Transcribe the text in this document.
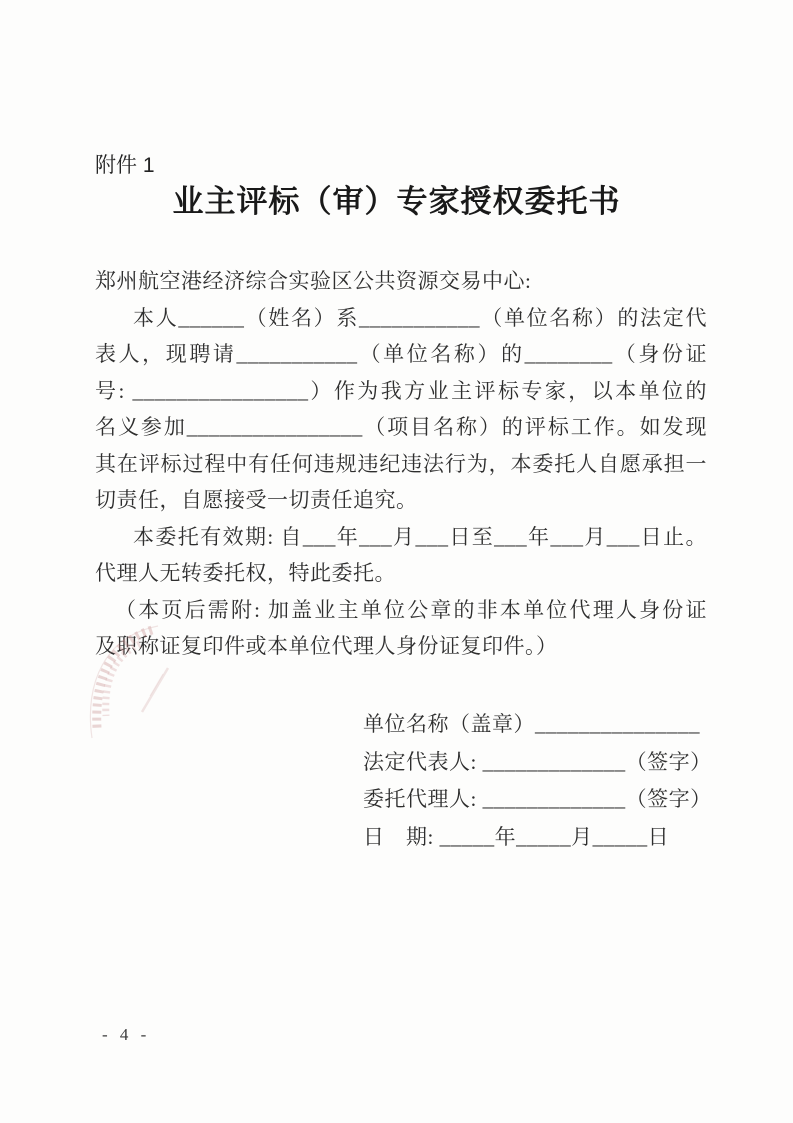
附件 1
业主评标（审）专家授权委托书
郑州航空港经济综合实验区公共资源交易中心:
本人______（姓名）系___________（单位名称）的法定代
表人，现聘请___________（单位名称）的________（身份证
号: ________________）作为我方业主评标专家，以本单位的
名义参加________________（项目名称）的评标工作。如发现
其在评标过程中有任何违规违纪违法行为，本委托人自愿承担一
切责任，自愿接受一切责任追究。
本委托有效期: 自___年___月___日至___年___月___日止。
代理人无转委托权，特此委托。
（本页后需附: 加盖业主单位公章的非本单位代理人身份证
及职称证复印件或本单位代理人身份证复印件。）
单位名称（盖章）_______________
法定代表人: _____________（签字）
委托代理人: _____________（签字）
日　期: _____年_____月_____日
- 4 -
